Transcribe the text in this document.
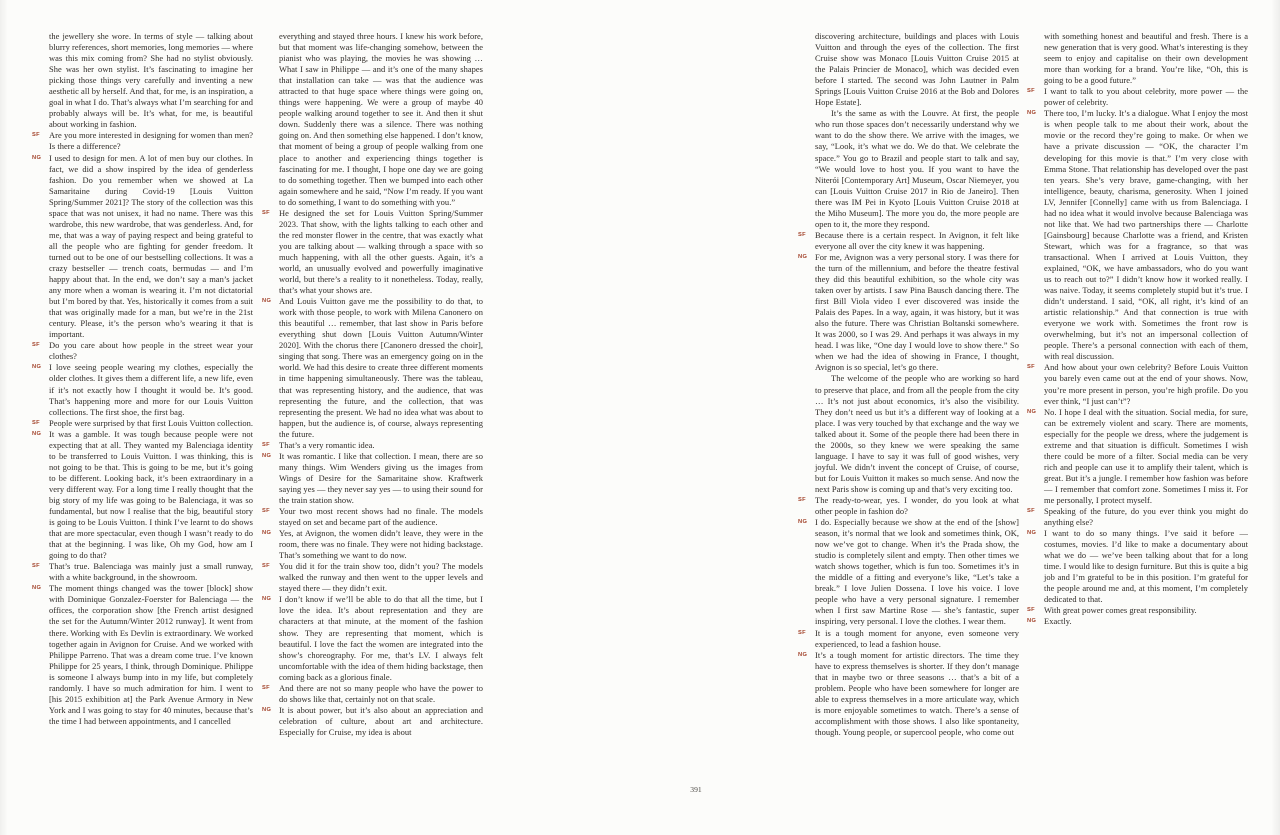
the jewellery she wore. In terms of style — talking about blurry references, short memories, long memories — where was this mix coming from? She had no stylist obviously. She was her own stylist. It’s fascinating to imagine her picking those things very carefully and inventing a new aesthetic all by herself. And that, for me, is an inspiration, a goal in what I do. That’s always what I’m searching for and probably always will be. It’s what, for me, is beautiful about working in fashion.
SF Are you more interested in designing for women than men? Is there a difference?
NG I used to design for men. A lot of men buy our clothes. In fact, we did a show inspired by the idea of genderless fashion. Do you remember when we showed at La Samaritaine during Covid-19 [Louis Vuitton Spring/Summer 2021]? The story of the collection was this space that was not unisex, it had no name. There was this wardrobe, this new wardrobe, that was genderless. And, for me, that was a way of paying respect and being grateful to all the people who are fighting for gender freedom. It turned out to be one of our bestselling collections. It was a crazy bestseller — trench coats, bermudas — and I’m happy about that. In the end, we don’t say a man’s jacket any more when a woman is wearing it. I’m not dictatorial but I’m bored by that. Yes, historically it comes from a suit that was originally made for a man, but we’re in the 21st century. Please, it’s the person who’s wearing it that is important.
SF Do you care about how people in the street wear your clothes?
NG I love seeing people wearing my clothes, especially the older clothes. It gives them a different life, a new life, even if it’s not exactly how I thought it would be. It’s good. That’s happening more and more for our Louis Vuitton collections. The first shoe, the first bag.
SF People were surprised by that first Louis Vuitton collection.
NG It was a gamble. It was tough because people were not expecting that at all. They wanted my Balenciaga identity to be transferred to Louis Vuitton. I was thinking, this is not going to be that. This is going to be me, but it’s going to be different. Looking back, it’s been extraordinary in a very different way. For a long time I really thought that the big story of my life was going to be Balenciaga, it was so fundamental, but now I realise that the big, beautiful story is going to be Louis Vuitton. I think I’ve learnt to do shows that are more spectacular, even though I wasn’t ready to do that at the beginning. I was like, Oh my God, how am I going to do that?
SF That’s true. Balenciaga was mainly just a small runway, with a white background, in the showroom.
NG The moment things changed was the tower [block] show with Dominique Gonzalez-Foerster for Balenciaga — the offices, the corporation show [the French artist designed the set for the Autumn/Winter 2012 runway]. It went from there. Working with Es Devlin is extraordinary. We worked together again in Avignon for Cruise. And we worked with Philippe Parreno. That was a dream come true. I’ve known Philippe for 25 years, I think, through Dominique. Philippe is someone I always bump into in my life, but completely randomly. I have so much admiration for him. I went to [his 2015 exhibition at] the Park Avenue Armory in New York and I was going to stay for 40 minutes, because that’s the time I had between appointments, and I cancelled
everything and stayed three hours. I knew his work before, but that moment was life-changing somehow, between the pianist who was playing, the movies he was showing … What I saw in Philippe — and it’s one of the many shapes that installation can take — was that the audience was attracted to that huge space where things were going on, things were happening. We were a group of maybe 40 people walking around together to see it. And then it shut down. Suddenly there was a silence. There was nothing going on. And then something else happened. I don’t know, that moment of being a group of people walking from one place to another and experiencing things together is fascinating for me. I thought, I hope one day we are going to do something together. Then we bumped into each other again somewhere and he said, “Now I’m ready. If you want to do something, I want to do something with you.”
SF He designed the set for Louis Vuitton Spring/Summer 2023. That show, with the lights talking to each other and the red monster flower in the centre, that was exactly what you are talking about — walking through a space with so much happening, with all the other guests. Again, it’s a world, an unusually evolved and powerfully imaginative world, but there’s a reality to it nonetheless. Today, really, that’s what your shows are.
NG And Louis Vuitton gave me the possibility to do that, to work with those people, to work with Milena Canonero on this beautiful … remember, that last show in Paris before everything shut down [Louis Vuitton Autumn/Winter 2020]. With the chorus there [Canonero dressed the choir], singing that song. There was an emergency going on in the world. We had this desire to create three different moments in time happening simultaneously. There was the tableau, that was representing history, and the audience, that was representing the future, and the collection, that was representing the present. We had no idea what was about to happen, but the audience is, of course, always representing the future.
SF That’s a very romantic idea.
NG It was romantic. I like that collection. I mean, there are so many things. Wim Wenders giving us the images from Wings of Desire for the Samaritaine show. Kraftwerk saying yes — they never say yes — to using their sound for the train station show.
SF Your two most recent shows had no finale. The models stayed on set and became part of the audience.
NG Yes, at Avignon, the women didn’t leave, they were in the room, there was no finale. They were not hiding backstage. That’s something we want to do now.
SF You did it for the train show too, didn’t you? The models walked the runway and then went to the upper levels and stayed there — they didn’t exit.
NG I don’t know if we’ll be able to do that all the time, but I love the idea. It’s about representation and they are characters at that minute, at the moment of the fashion show. They are representing that moment, which is beautiful. I love the fact the women are integrated into the show’s choreography. For me, that’s LV. I always felt uncomfortable with the idea of them hiding backstage, then coming back as a glorious finale.
SF And there are not so many people who have the power to do shows like that, certainly not on that scale.
NG It is about power, but it’s also about an appreciation and celebration of culture, about art and architecture. Especially for Cruise, my idea is about
discovering architecture, buildings and places with Louis Vuitton and through the eyes of the collection. The first Cruise show was Monaco [Louis Vuitton Cruise 2015 at the Palais Princier de Monaco], which was decided even before I started. The second was John Lautner in Palm Springs [Louis Vuitton Cruise 2016 at the Bob and Dolores Hope Estate].
It’s the same as with the Louvre. At first, the people who run those spaces don’t necessarily understand why we want to do the show there. We arrive with the images, we say, “Look, it’s what we do. We do that. We celebrate the space.” You go to Brazil and people start to talk and say, “We would love to host you. If you want to have the Niterói [Contemporary Art] Museum, Oscar Niemeyer, you can [Louis Vuitton Cruise 2017 in Rio de Janeiro]. Then there was IM Pei in Kyoto [Louis Vuitton Cruise 2018 at the Miho Museum]. The more you do, the more people are open to it, the more they respond.
SF Because there is a certain respect. In Avignon, it felt like everyone all over the city knew it was happening.
NG For me, Avignon was a very personal story. I was there for the turn of the millennium, and before the theatre festival they did this beautiful exhibition, so the whole city was taken over by artists. I saw Pina Bausch dancing there. The first Bill Viola video I ever discovered was inside the Palais des Papes. In a way, again, it was history, but it was also the future. There was Christian Boltanski somewhere. It was 2000, so I was 29. And perhaps it was always in my head. I was like, “One day I would love to show there.” So when we had the idea of showing in France, I thought, Avignon is so special, let’s go there.
The welcome of the people who are working so hard to preserve that place, and from all the people from the city … It’s not just about economics, it’s also the visibility. They don’t need us but it’s a different way of looking at a place. I was very touched by that exchange and the way we talked about it. Some of the people there had been there in the 2000s, so they knew we were speaking the same language. I have to say it was full of good wishes, very joyful. We didn’t invent the concept of Cruise, of course, but for Louis Vuitton it makes so much sense. And now the next Paris show is coming up and that’s very exciting too.
SF The ready-to-wear, yes. I wonder, do you look at what other people in fashion do?
NG I do. Especially because we show at the end of the [show] season, it’s normal that we look and sometimes think, OK, now we’ve got to change. When it’s the Prada show, the studio is completely silent and empty. Then other times we watch shows together, which is fun too. Sometimes it’s in the middle of a fitting and everyone’s like, “Let’s take a break.” I love Julien Dossena. I love his voice. I love people who have a very personal signature. I remember when I first saw Martine Rose — she’s fantastic, super inspiring, very personal. I love the clothes. I wear them.
SF It is a tough moment for anyone, even someone very experienced, to lead a fashion house.
NG It’s a tough moment for artistic directors. The time they have to express themselves is shorter. If they don’t manage that in maybe two or three seasons … that’s a bit of a problem. People who have been somewhere for longer are able to express themselves in a more articulate way, which is more enjoyable sometimes to watch. There’s a sense of accomplishment with those shows. I also like spontaneity, though. Young people, or supercool people, who come out
with something honest and beautiful and fresh. There is a new generation that is very good. What’s interesting is they seem to enjoy and capitalise on their own development more than working for a brand. You’re like, “Oh, this is going to be a good future.”
SF I want to talk to you about celebrity, more power — the power of celebrity.
NG There too, I’m lucky. It’s a dialogue. What I enjoy the most is when people talk to me about their work, about the movie or the record they’re going to make. Or when we have a private discussion — “OK, the character I’m developing for this movie is that.” I’m very close with Emma Stone. That relationship has developed over the past ten years. She’s very brave, game-changing, with her intelligence, beauty, charisma, generosity. When I joined LV, Jennifer [Connelly] came with us from Balenciaga. I had no idea what it would involve because Balenciaga was not like that. We had two partnerships there — Charlotte [Gainsbourg] because Charlotte was a friend, and Kristen Stewart, which was for a fragrance, so that was transactional. When I arrived at Louis Vuitton, they explained, “OK, we have ambassadors, who do you want us to reach out to?” I didn’t know how it worked really. I was naive. Today, it seems completely stupid but it’s true. I didn’t understand. I said, “OK, all right, it’s kind of an artistic relationship.” And that connection is true with everyone we work with. Sometimes the front row is overwhelming, but it’s not an impersonal collection of people. There’s a personal connection with each of them, with real discussion.
SF And how about your own celebrity? Before Louis Vuitton you barely even came out at the end of your shows. Now, you’re more present in person, you’re high profile. Do you ever think, “I just can’t”?
NG No. I hope I deal with the situation. Social media, for sure, can be extremely violent and scary. There are moments, especially for the people we dress, where the judgement is extreme and that situation is difficult. Sometimes I wish there could be more of a filter. Social media can be very rich and people can use it to amplify their talent, which is great. But it’s a jungle. I remember how fashion was before — I remember that comfort zone. Sometimes I miss it. For me personally, I protect myself.
SF Speaking of the future, do you ever think you might do anything else?
NG I want to do so many things. I’ve said it before — costumes, movies. I’d like to make a documentary about what we do — we’ve been talking about that for a long time. I would like to design furniture. But this is quite a big job and I’m grateful to be in this position. I’m grateful for the people around me and, at this moment, I’m completely dedicated to that.
SF With great power comes great responsibility.
NG Exactly.
391
